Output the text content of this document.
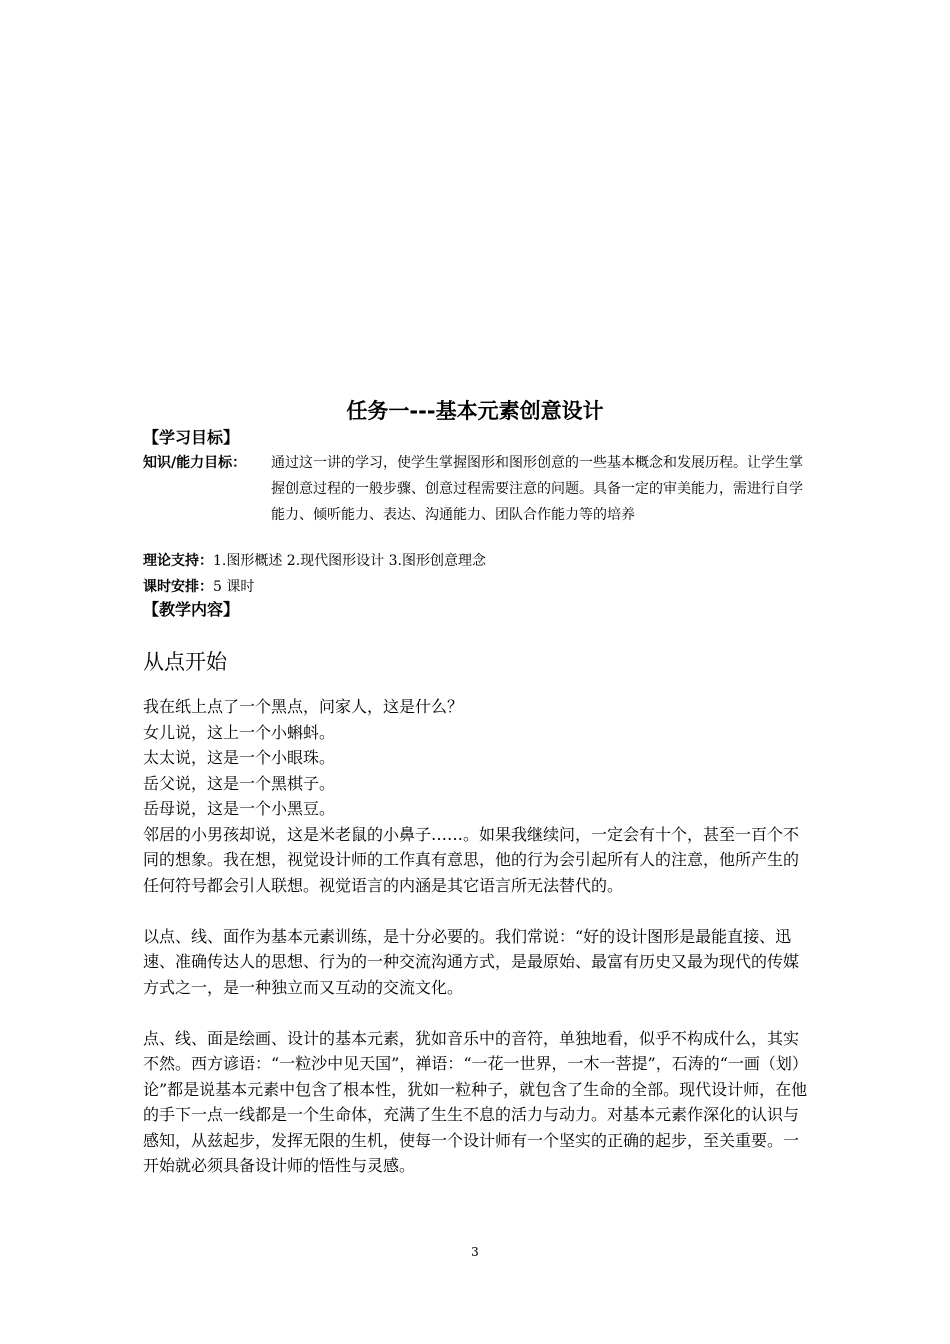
任务一---基本元素创意设计
【学习目标】
知识/能力目标： 通过这一讲的学习，使学生掌握图形和图形创意的一些基本概念和发展历程。让学生掌握创意过程的一般步骤、创意过程需要注意的问题。具备一定的审美能力，需进行自学能力、倾听能力、表达、沟通能力、团队合作能力等的培养
理论支持：1.图形概述 2.现代图形设计 3.图形创意理念
课时安排：5 课时
【教学内容】
从点开始

我在纸上点了一个黑点，问家人，这是什么？

女儿说，这上一个小蝌蚪。

太太说，这是一个小眼珠。

岳父说，这是一个黑棋子。

岳母说，这是一个小黑豆。

邻居的小男孩却说，这是米老鼠的小鼻子……。如果我继续问，一定会有十个，甚至一百个不同的想象。我在想，视觉设计师的工作真有意思，他的行为会引起所有人的注意，他所产生的任何符号都会引人联想。视觉语言的内涵是其它语言所无法替代的。

以点、线、面作为基本元素训练，是十分必要的。我们常说：“好的设计图形是最能直接、迅速、准确传达人的思想、行为的一种交流沟通方式，是最原始、最富有历史又最为现代的传媒方式之一，是一种独立而又互动的交流文化。

点、线、面是绘画、设计的基本元素，犹如音乐中的音符，单独地看，似乎不构成什么，其实不然。西方谚语：“一粒沙中见天国”，禅语：“一花一世界，一木一菩提”，石涛的“一画（划）论”都是说基本元素中包含了根本性，犹如一粒种子，就包含了生命的全部。现代设计师，在他的手下一点一线都是一个生命体，充满了生生不息的活力与动力。对基本元素作深化的认识与感知，从兹起步，发挥无限的生机，使每一个设计师有一个坚实的正确的起步，至关重要。一开始就必须具备设计师的悟性与灵感。

3
